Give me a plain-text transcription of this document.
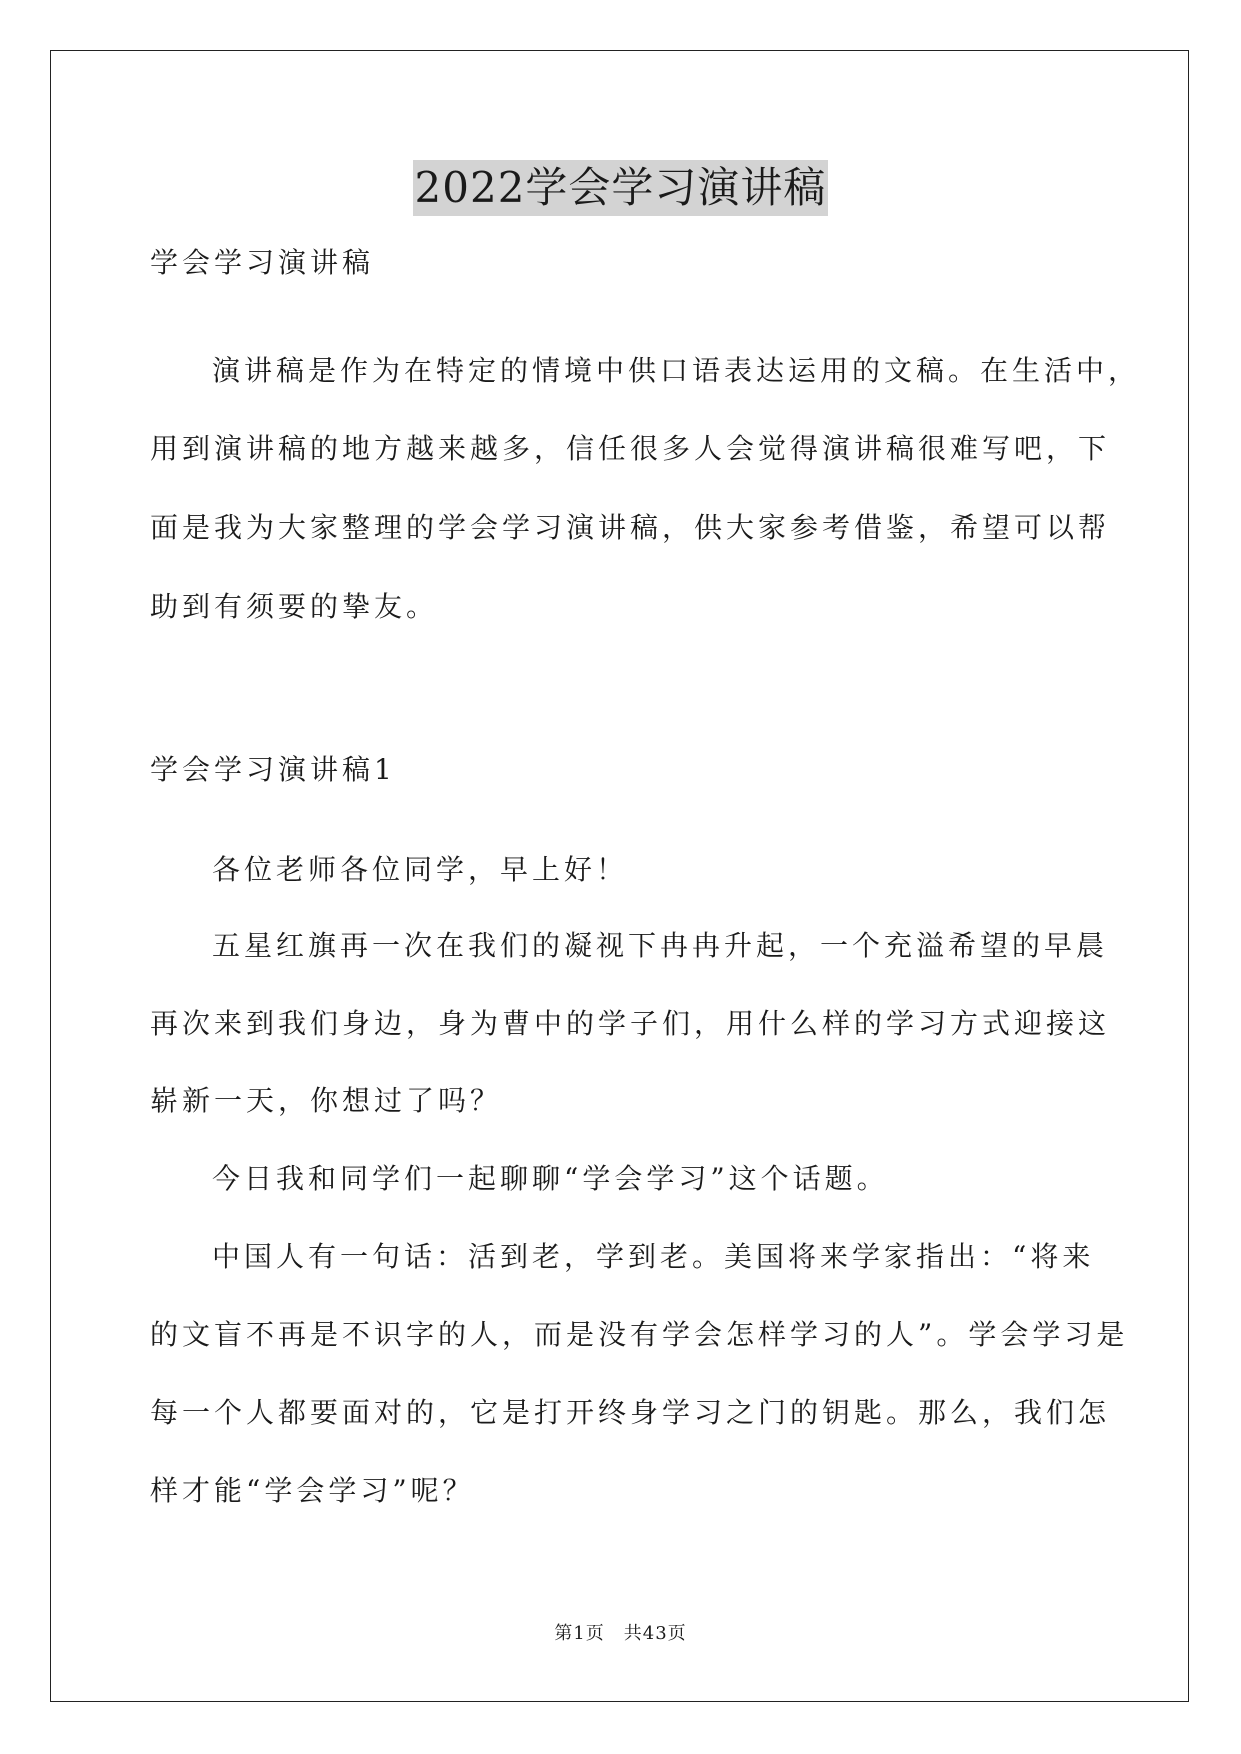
2022学会学习演讲稿
学会学习演讲稿
演讲稿是作为在特定的情境中供口语表达运用的文稿。在生活中，
用到演讲稿的地方越来越多，信任很多人会觉得演讲稿很难写吧，下
面是我为大家整理的学会学习演讲稿，供大家参考借鉴，希望可以帮
助到有须要的挚友。
学会学习演讲稿1
各位老师各位同学，早上好！
五星红旗再一次在我们的凝视下冉冉升起，一个充溢希望的早晨
再次来到我们身边，身为曹中的学子们，用什么样的学习方式迎接这
崭新一天，你想过了吗？
今日我和同学们一起聊聊“学会学习”这个话题。
中国人有一句话：活到老，学到老。美国将来学家指出：“将来
的文盲不再是不识字的人，而是没有学会怎样学习的人”。学会学习是
每一个人都要面对的，它是打开终身学习之门的钥匙。那么，我们怎
样才能“学会学习”呢？
第1页　共43页
